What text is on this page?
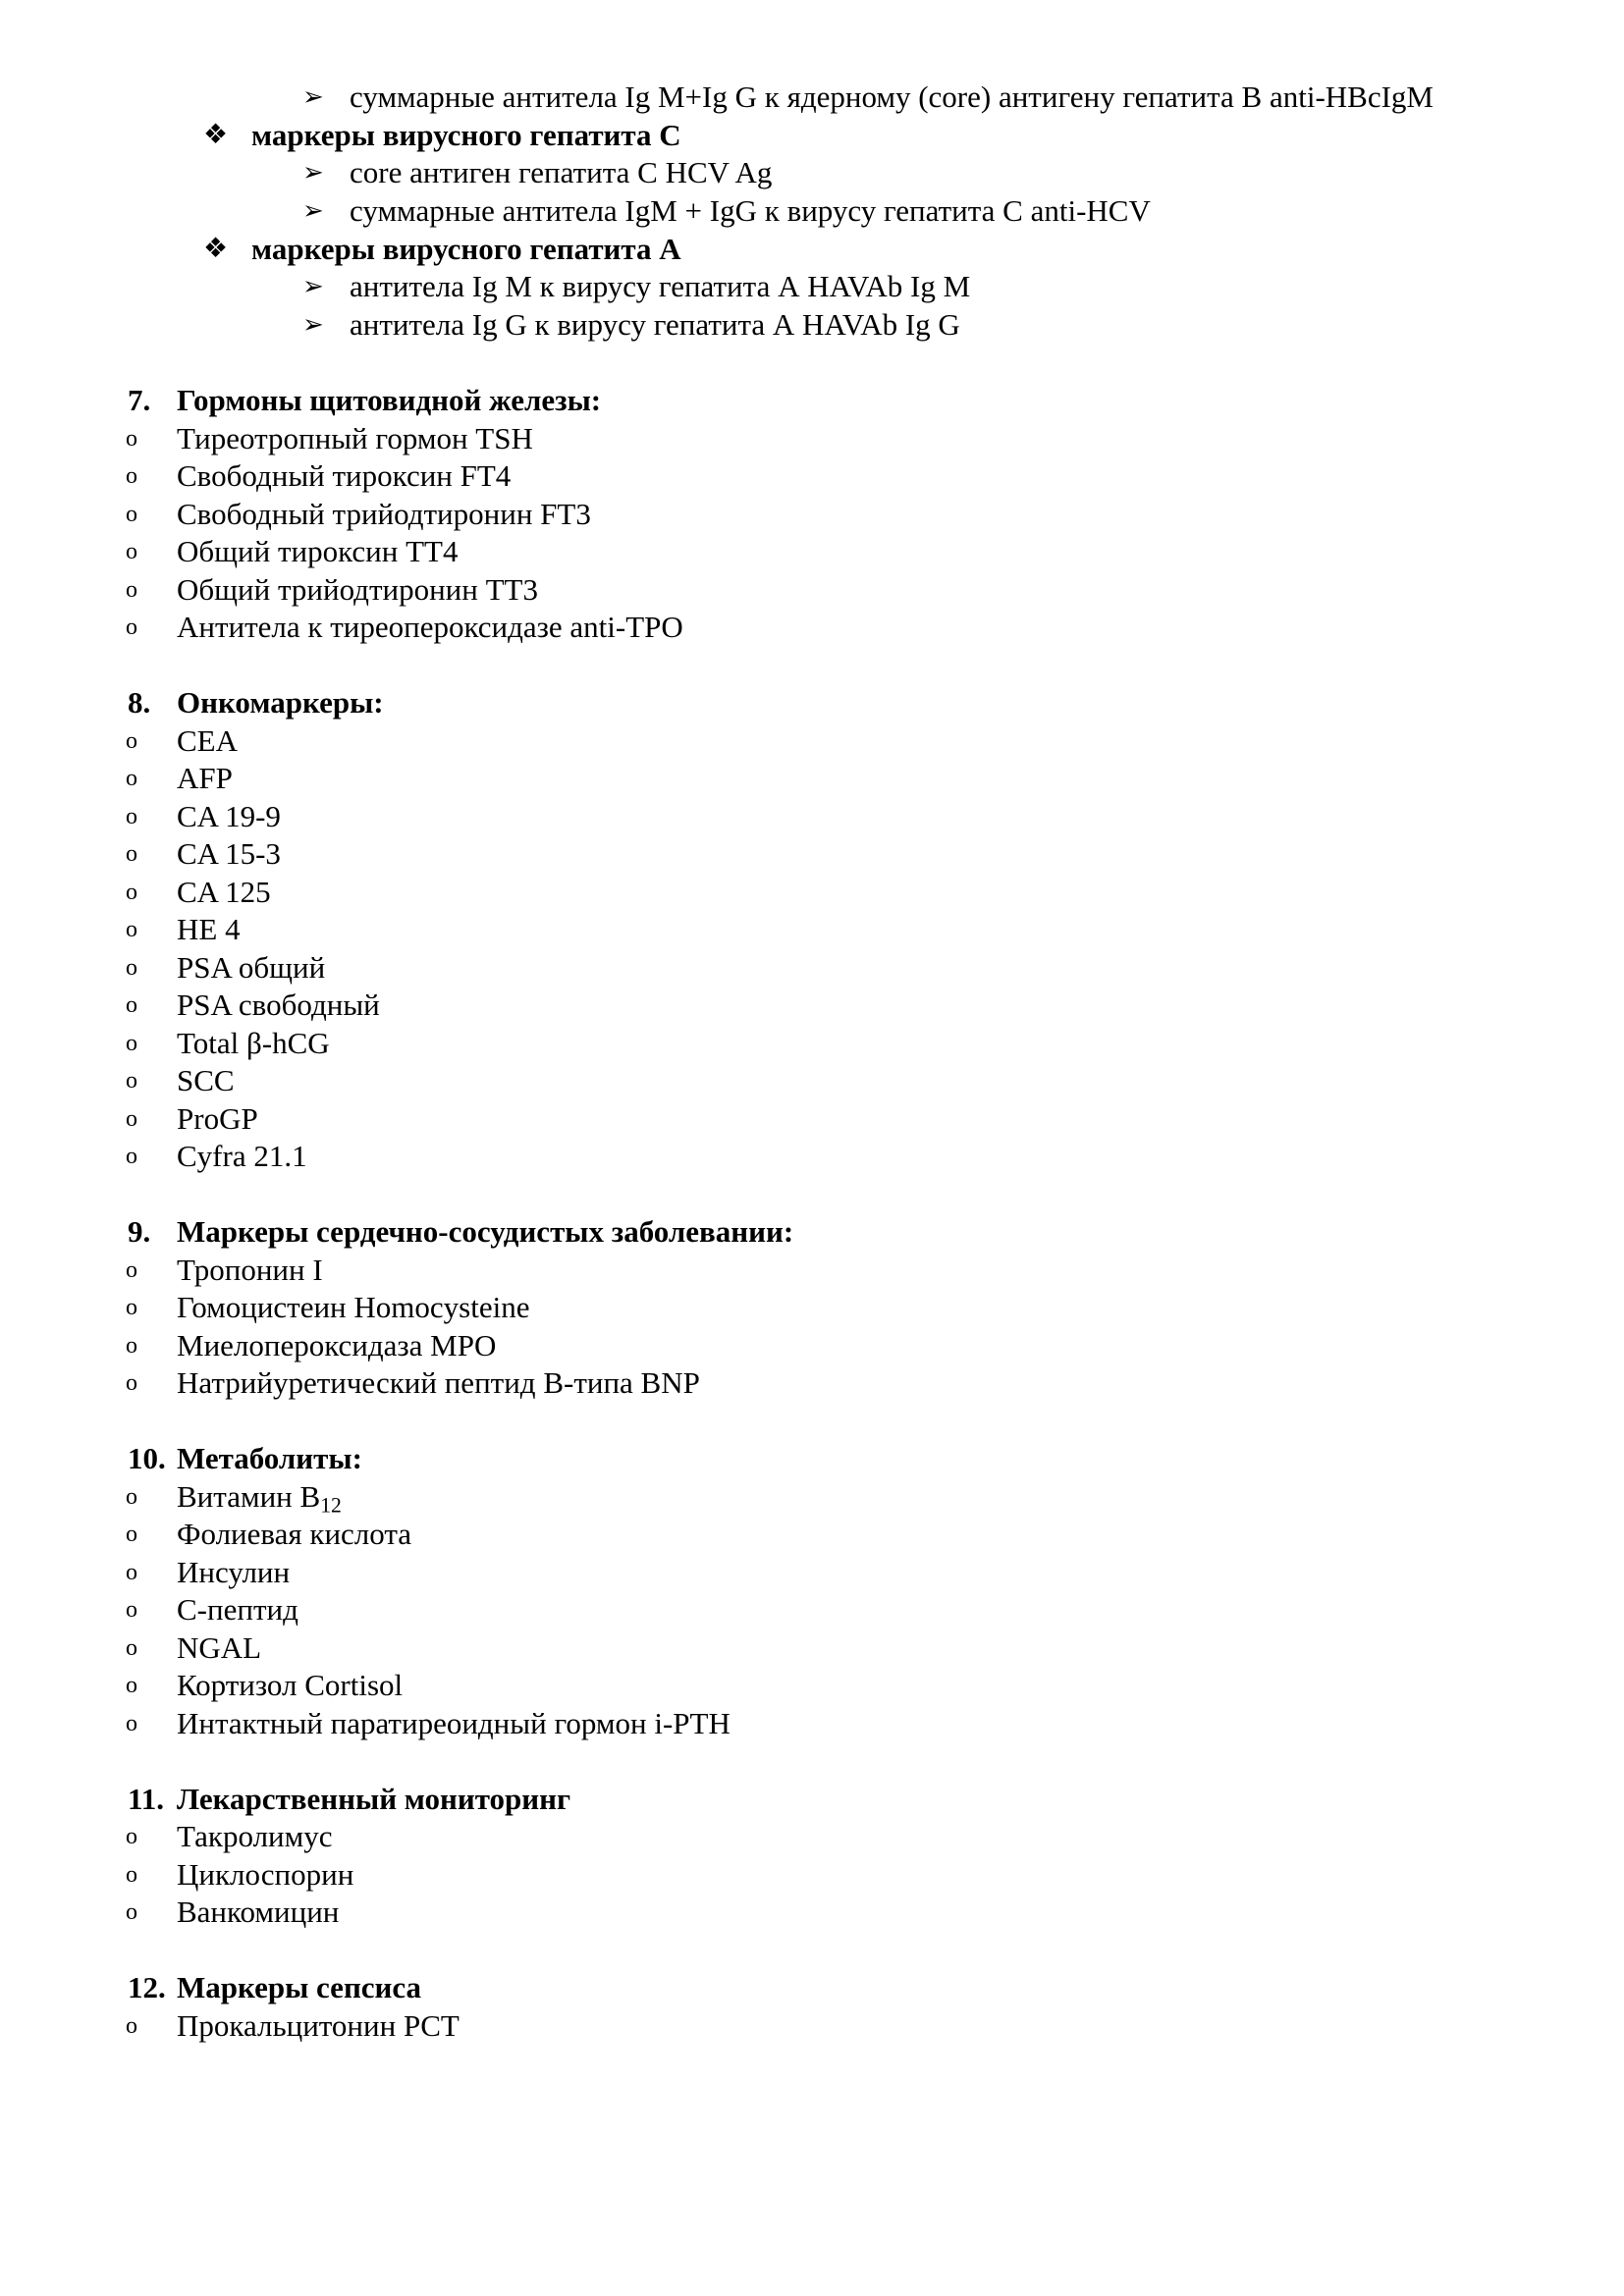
➢ суммарные антитела Ig M+Ig G к ядерному (core) антигену гепатита B anti-HBcIgM
❖ маркеры вирусного гепатита С
➢ core антиген гепатита С HCV Ag
➢ суммарные антитела IgM + IgG к вирусу гепатита С anti-HCV
❖ маркеры вирусного гепатита А
➢ антитела Ig M к вирусу гепатита А HAVAb Ig M
➢ антитела Ig G к вирусу гепатита А HAVAb Ig G
7. Гормоны щитовидной железы:
o Тиреотропный гормон TSH
o Свободный тироксин FT4
o Свободный трийодтиронин FT3
o Общий тироксин TT4
o Общий трийодтиронин TT3
o Антитела к тиреопероксидазе anti-TPO
8. Онкомаркеры:
o CEA
o AFP
o CA 19-9
o CA 15-3
o CA 125
o HE 4
o PSA общий
o PSA свободный
o Total β-hCG
o SCC
o ProGP
o Cyfra 21.1
9. Маркеры сердечно-сосудистых заболевании:
o Тропонин I
o Гомоцистеин Homocysteine
o Миелопероксидаза MPO
o Натрийуретический пептид B-типа BNP
10. Метаболиты:
o Витамин $B_{12}$
o Фолиевая кислота
o Инсулин
o С-пептид
o NGAL
o Кортизол Cortisol
o Интактный паратиреоидный гормон i-PTH
11. Лекарственный мониторинг
o Такролимус
o Циклоспорин
o Ванкомицин
12. Маркеры сепсиса
o Прокальцитонин PCT
